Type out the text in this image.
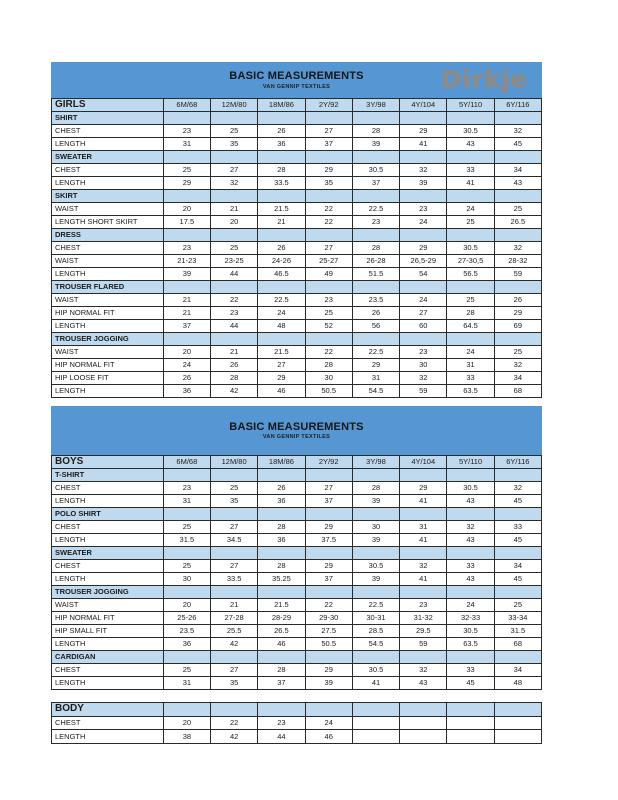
BASIC MEASUREMENTS
VAN GENNIP TEXTILES	Dirkje
GIRLS	6M/68	12M/80	18M/86	2Y/92	3Y/98	4Y/104	5Y/110	6Y/116
SHIRT								
CHEST	23	25	26	27	28	29	30.5	32
LENGTH	31	35	36	37	39	41	43	45
SWEATER								
CHEST	25	27	28	29	30.5	32	33	34
LENGTH	29	32	33.5	35	37	39	41	43
SKIRT								
WAIST	20	21	21.5	22	22.5	23	24	25
LENGTH SHORT SKIRT	17.5	20	21	22	23	24	25	26.5
DRESS								
CHEST	23	25	26	27	28	29	30.5	32
WAIST	21-23	23-25	24-26	25-27	26-28	26,5-29	27-30,5	28-32
LENGTH	39	44	46.5	49	51.5	54	56.5	59
TROUSER FLARED								
WAIST	21	22	22.5	23	23.5	24	25	26
HIP NORMAL FIT	21	23	24	25	26	27	28	29
LENGTH	37	44	48	52	56	60	64.5	69
TROUSER JOGGING								
WAIST	20	21	21.5	22	22.5	23	24	25
HIP NORMAL FIT	24	26	27	28	29	30	31	32
HIP LOOSE FIT	26	28	29	30	31	32	33	34
LENGTH	36	42	46	50.5	54.5	59	63.5	68
BASIC MEASUREMENTS
VAN GENNIP TEXTILES
BOYS	6M/68	12M/80	18M/86	2Y/92	3Y/98	4Y/104	5Y/110	6Y/116
T-SHIRT								
CHEST	23	25	26	27	28	29	30.5	32
LENGTH	31	35	36	37	39	41	43	45
POLO SHIRT								
CHEST	25	27	28	29	30	31	32	33
LENGTH	31.5	34.5	36	37.5	39	41	43	45
SWEATER								
CHEST	25	27	28	29	30.5	32	33	34
LENGTH	30	33.5	35.25	37	39	41	43	45
TROUSER JOGGING								
WAIST	20	21	21.5	22	22.5	23	24	25
HIP NORMAL FIT	25-26	27-28	28-29	29-30	30-31	31-32	32-33	33-34
HIP SMALL FIT	23.5	25.5	26.5	27.5	28.5	29.5	30.5	31.5
LENGTH	36	42	46	50.5	54.5	59	63.5	68
CARDIGAN								
CHEST	25	27	28	29	30.5	32	33	34
LENGTH	31	35	37	39	41	43	45	48
BODY								
CHEST	20	22	23	24				
LENGTH	38	42	44	46				
